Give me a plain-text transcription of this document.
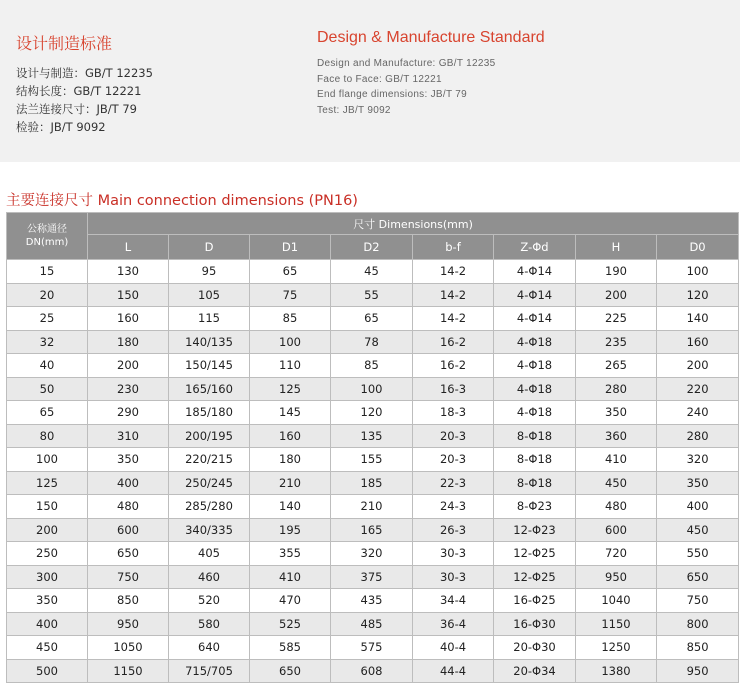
设计制造标准
设计与制造：GB/T 12235
结构长度：GB/T 12221
法兰连接尺寸：JB/T 79
检验：JB/T 9092
Design & Manufacture Standard
Design and Manufacture: GB/T 12235
Face to Face: GB/T 12221
End flange dimensions: JB/T 79
Test: JB/T 9092
主要连接尺寸 Main connection dimensions (PN16)
公称通径
DN(mm)	尺寸 Dimensions(mm)							
	L	D	D1	D2	b-f	Z-Φd	H	D0
15	130	95	65	45	14-2	4-Φ14	190	100
20	150	105	75	55	14-2	4-Φ14	200	120
25	160	115	85	65	14-2	4-Φ14	225	140
32	180	140/135	100	78	16-2	4-Φ18	235	160
40	200	150/145	110	85	16-2	4-Φ18	265	200
50	230	165/160	125	100	16-3	4-Φ18	280	220
65	290	185/180	145	120	18-3	4-Φ18	350	240
80	310	200/195	160	135	20-3	8-Φ18	360	280
100	350	220/215	180	155	20-3	8-Φ18	410	320
125	400	250/245	210	185	22-3	8-Φ18	450	350
150	480	285/280	140	210	24-3	8-Φ23	480	400
200	600	340/335	195	165	26-3	12-Φ23	600	450
250	650	405	355	320	30-3	12-Φ25	720	550
300	750	460	410	375	30-3	12-Φ25	950	650
350	850	520	470	435	34-4	16-Φ25	1040	750
400	950	580	525	485	36-4	16-Φ30	1150	800
450	1050	640	585	575	40-4	20-Φ30	1250	850
500	1150	715/705	650	608	44-4	20-Φ34	1380	950
